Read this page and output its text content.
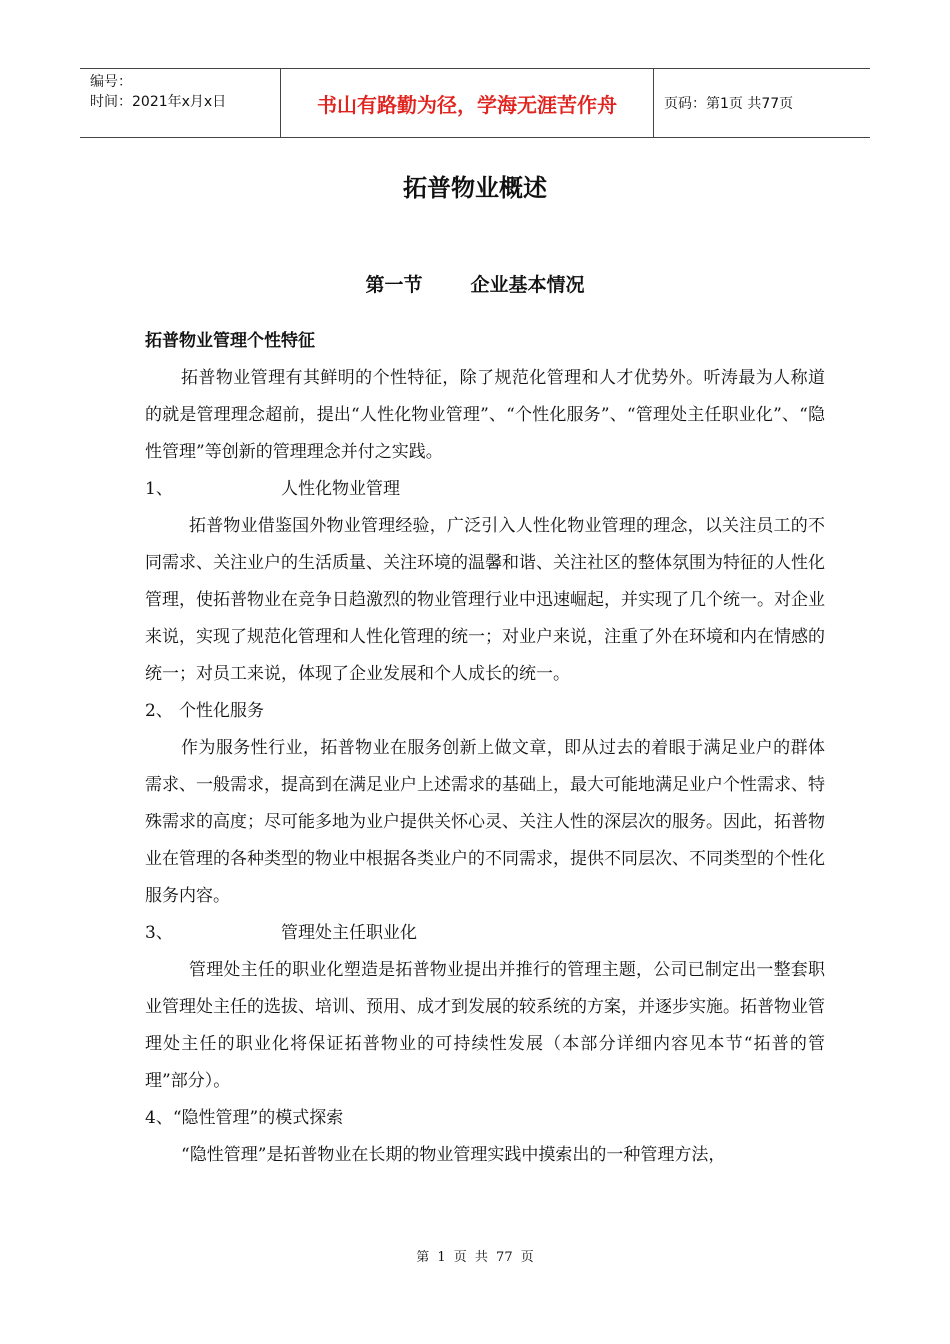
编号：
时间：2021年x月x日	书山有路勤为径，学海无涯苦作舟	页码：第1页 共77页
拓普物业概述
第一节	企业基本情况
拓普物业管理个性特征
拓普物业管理有其鲜明的个性特征，除了规范化管理和人才优势外。听涛最为人称道的就是管理理念超前，提出“人性化物业管理”、“个性化服务”、“管理处主任职业化”、“隐性管理”等创新的管理理念并付之实践。
1、	人性化物业管理
拓普物业借鉴国外物业管理经验，广泛引入人性化物业管理的理念，以关注员工的不同需求、关注业户的生活质量、关注环境的温馨和谐、关注社区的整体氛围为特征的人性化管理，使拓普物业在竞争日趋激烈的物业管理行业中迅速崛起，并实现了几个统一。对企业来说，实现了规范化管理和人性化管理的统一；对业户来说，注重了外在环境和内在情感的统一；对员工来说，体现了企业发展和个人成长的统一。
2、 个性化服务
作为服务性行业，拓普物业在服务创新上做文章，即从过去的着眼于满足业户的群体需求、一般需求，提高到在满足业户上述需求的基础上，最大可能地满足业户个性需求、特殊需求的高度；尽可能多地为业户提供关怀心灵、关注人性的深层次的服务。因此，拓普物业在管理的各种类型的物业中根据各类业户的不同需求，提供不同层次、不同类型的个性化服务内容。
3、	管理处主任职业化
管理处主任的职业化塑造是拓普物业提出并推行的管理主题，公司已制定出一整套职业管理处主任的选拔、培训、预用、成才到发展的较系统的方案，并逐步实施。拓普物业管理处主任的职业化将保证拓普物业的可持续性发展（本部分详细内容见本节“拓普的管理”部分）。
4、“隐性管理”的模式探索
“隐性管理”是拓普物业在长期的物业管理实践中摸索出的一种管理方法，
第 1 页 共 77 页
